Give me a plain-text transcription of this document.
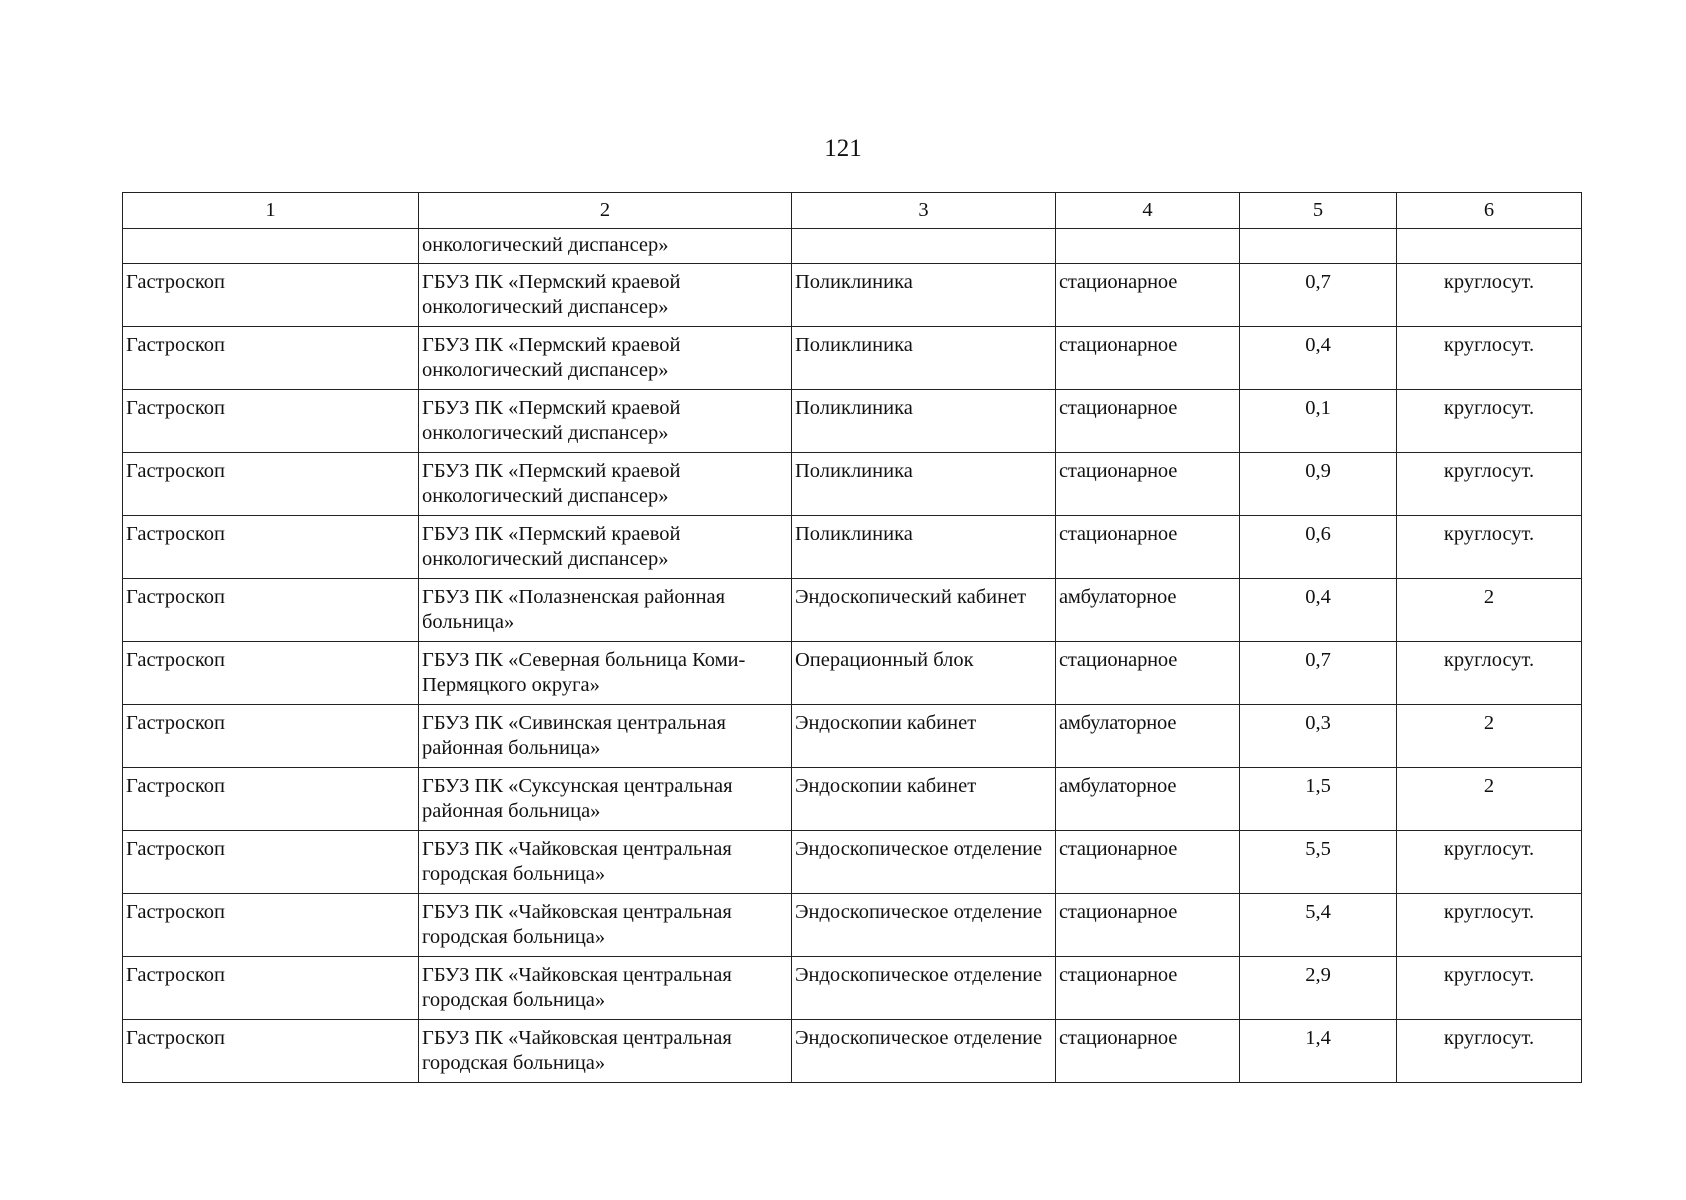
121
1	2	3	4	5	6
	онкологический диспансер»				
Гастроскоп	ГБУЗ ПК «Пермский краевой онкологический диспансер»	Поликлиника	стационарное	0,7	круглосут.
Гастроскоп	ГБУЗ ПК «Пермский краевой онкологический диспансер»	Поликлиника	стационарное	0,4	круглосут.
Гастроскоп	ГБУЗ ПК «Пермский краевой онкологический диспансер»	Поликлиника	стационарное	0,1	круглосут.
Гастроскоп	ГБУЗ ПК «Пермский краевой онкологический диспансер»	Поликлиника	стационарное	0,9	круглосут.
Гастроскоп	ГБУЗ ПК «Пермский краевой онкологический диспансер»	Поликлиника	стационарное	0,6	круглосут.
Гастроскоп	ГБУЗ ПК «Полазненская районная больница»	Эндоскопический кабинет	амбулаторное	0,4	2
Гастроскоп	ГБУЗ ПК «Северная больница Коми-Пермяцкого округа»	Операционный блок	стационарное	0,7	круглосут.
Гастроскоп	ГБУЗ ПК «Сивинская центральная районная больница»	Эндоскопии кабинет	амбулаторное	0,3	2
Гастроскоп	ГБУЗ ПК «Суксунская центральная районная больница»	Эндоскопии кабинет	амбулаторное	1,5	2
Гастроскоп	ГБУЗ ПК «Чайковская центральная городская больница»	Эндоскопическое отделение	стационарное	5,5	круглосут.
Гастроскоп	ГБУЗ ПК «Чайковская центральная городская больница»	Эндоскопическое отделение	стационарное	5,4	круглосут.
Гастроскоп	ГБУЗ ПК «Чайковская центральная городская больница»	Эндоскопическое отделение	стационарное	2,9	круглосут.
Гастроскоп	ГБУЗ ПК «Чайковская центральная городская больница»	Эндоскопическое отделение	стационарное	1,4	круглосут.
